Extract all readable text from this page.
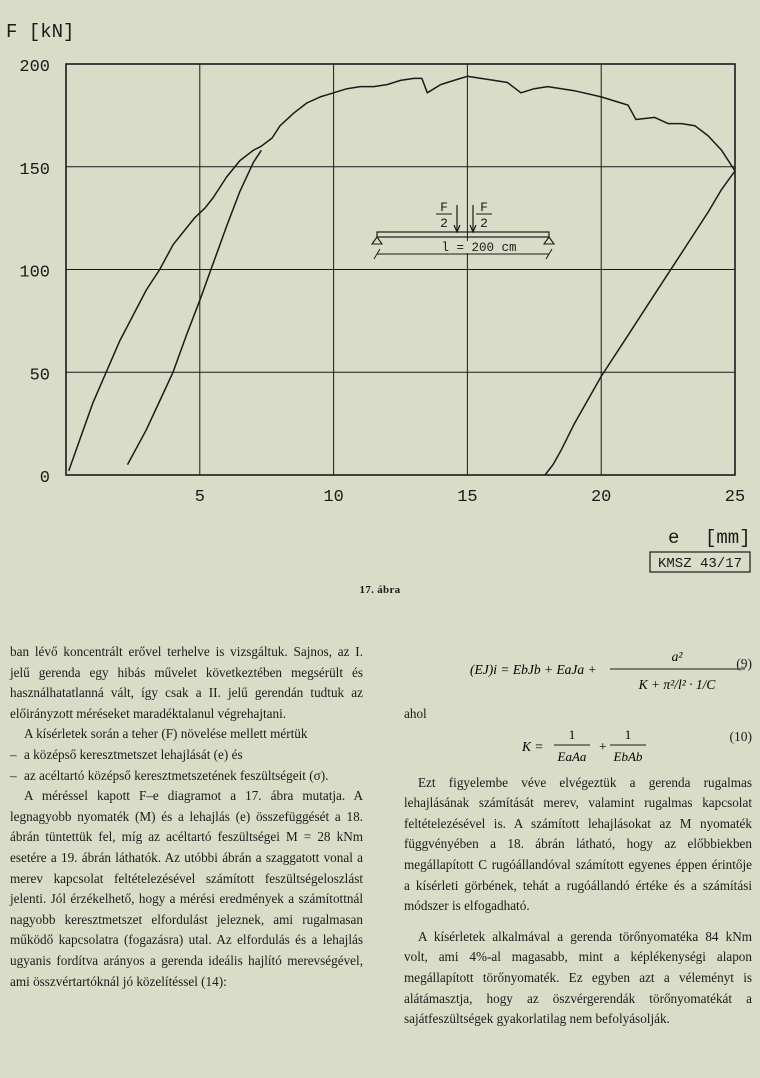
F [kN]
0
50
100
150
200
5	10	15	20	25
F
2
F
2
l = 200 cm
e [mm]
KMSZ 43/17
17. ábra

ban lévő koncentrált erővel terhelve is vizsgáltuk. Sajnos, az I. jelű gerenda egy hibás művelet következtében megsérült és használhatatlanná vált, így csak a II. jelű gerendán tudtuk az előirányzott méréseket maradéktalanul végrehajtani.

A kísérletek során a teher (F) növelése mellett mértük

– a középső keresztmetszet lehajlását (e) és
– az acéltartó középső keresztmetszetének feszültségeit (σ).

A méréssel kapott F–e diagramot a 17. ábra mutatja. A legnagyobb nyomaték (M) és a lehajlás (e) összefüggését a 18. ábrán tüntettük fel, míg az acéltartó feszültségei M = 28 kNm esetére a 19. ábrán láthatók. Az utóbbi ábrán a szaggatott vonal a merev kapcsolat feltételezésével számított feszültségeloszlást jelenti. Jól érzékelhető, hogy a mérési eredmények a számítottnál nagyobb keresztmetszet elfordulást jeleznek, ami rugalmasan működő kapcsolatra (fogazásra) utal. Az elfordulás és a lehajlás ugyanis fordítva arányos a gerenda ideális hajlító merevségével, ami összvértartóknál jó közelítéssel (14):

(EJ)i = EbJb + EaJa +
a²
K + π²/l² · 1/C
(9)

ahol

K =
1
EaAa
+
1
EbAb
(10)

Ezt figyelembe véve elvégeztük a gerenda rugalmas lehajlásának számítását merev, valamint rugalmas kapcsolat feltételezésével is. A számított lehajlásokat az M nyomaték függvényében a 18. ábrán látható, hogy az előbbiekben megállapított C rugóállandóval számított egyenes éppen érintője a kísérleti görbének, tehát a rugóállandó értéke és a számítási módszer is elfogadható.

A kísérletek alkalmával a gerenda törőnyomatéka 84 kNm volt, ami 4%-al magasabb, mint a képlékenységi alapon megállapított törőnyomaték. Ez egyben azt a véleményt is alátámasztja, hogy az öszvérgerendák törőnyomatékát a sajátfeszültségek gyakorlatilag nem befolyásolják.
